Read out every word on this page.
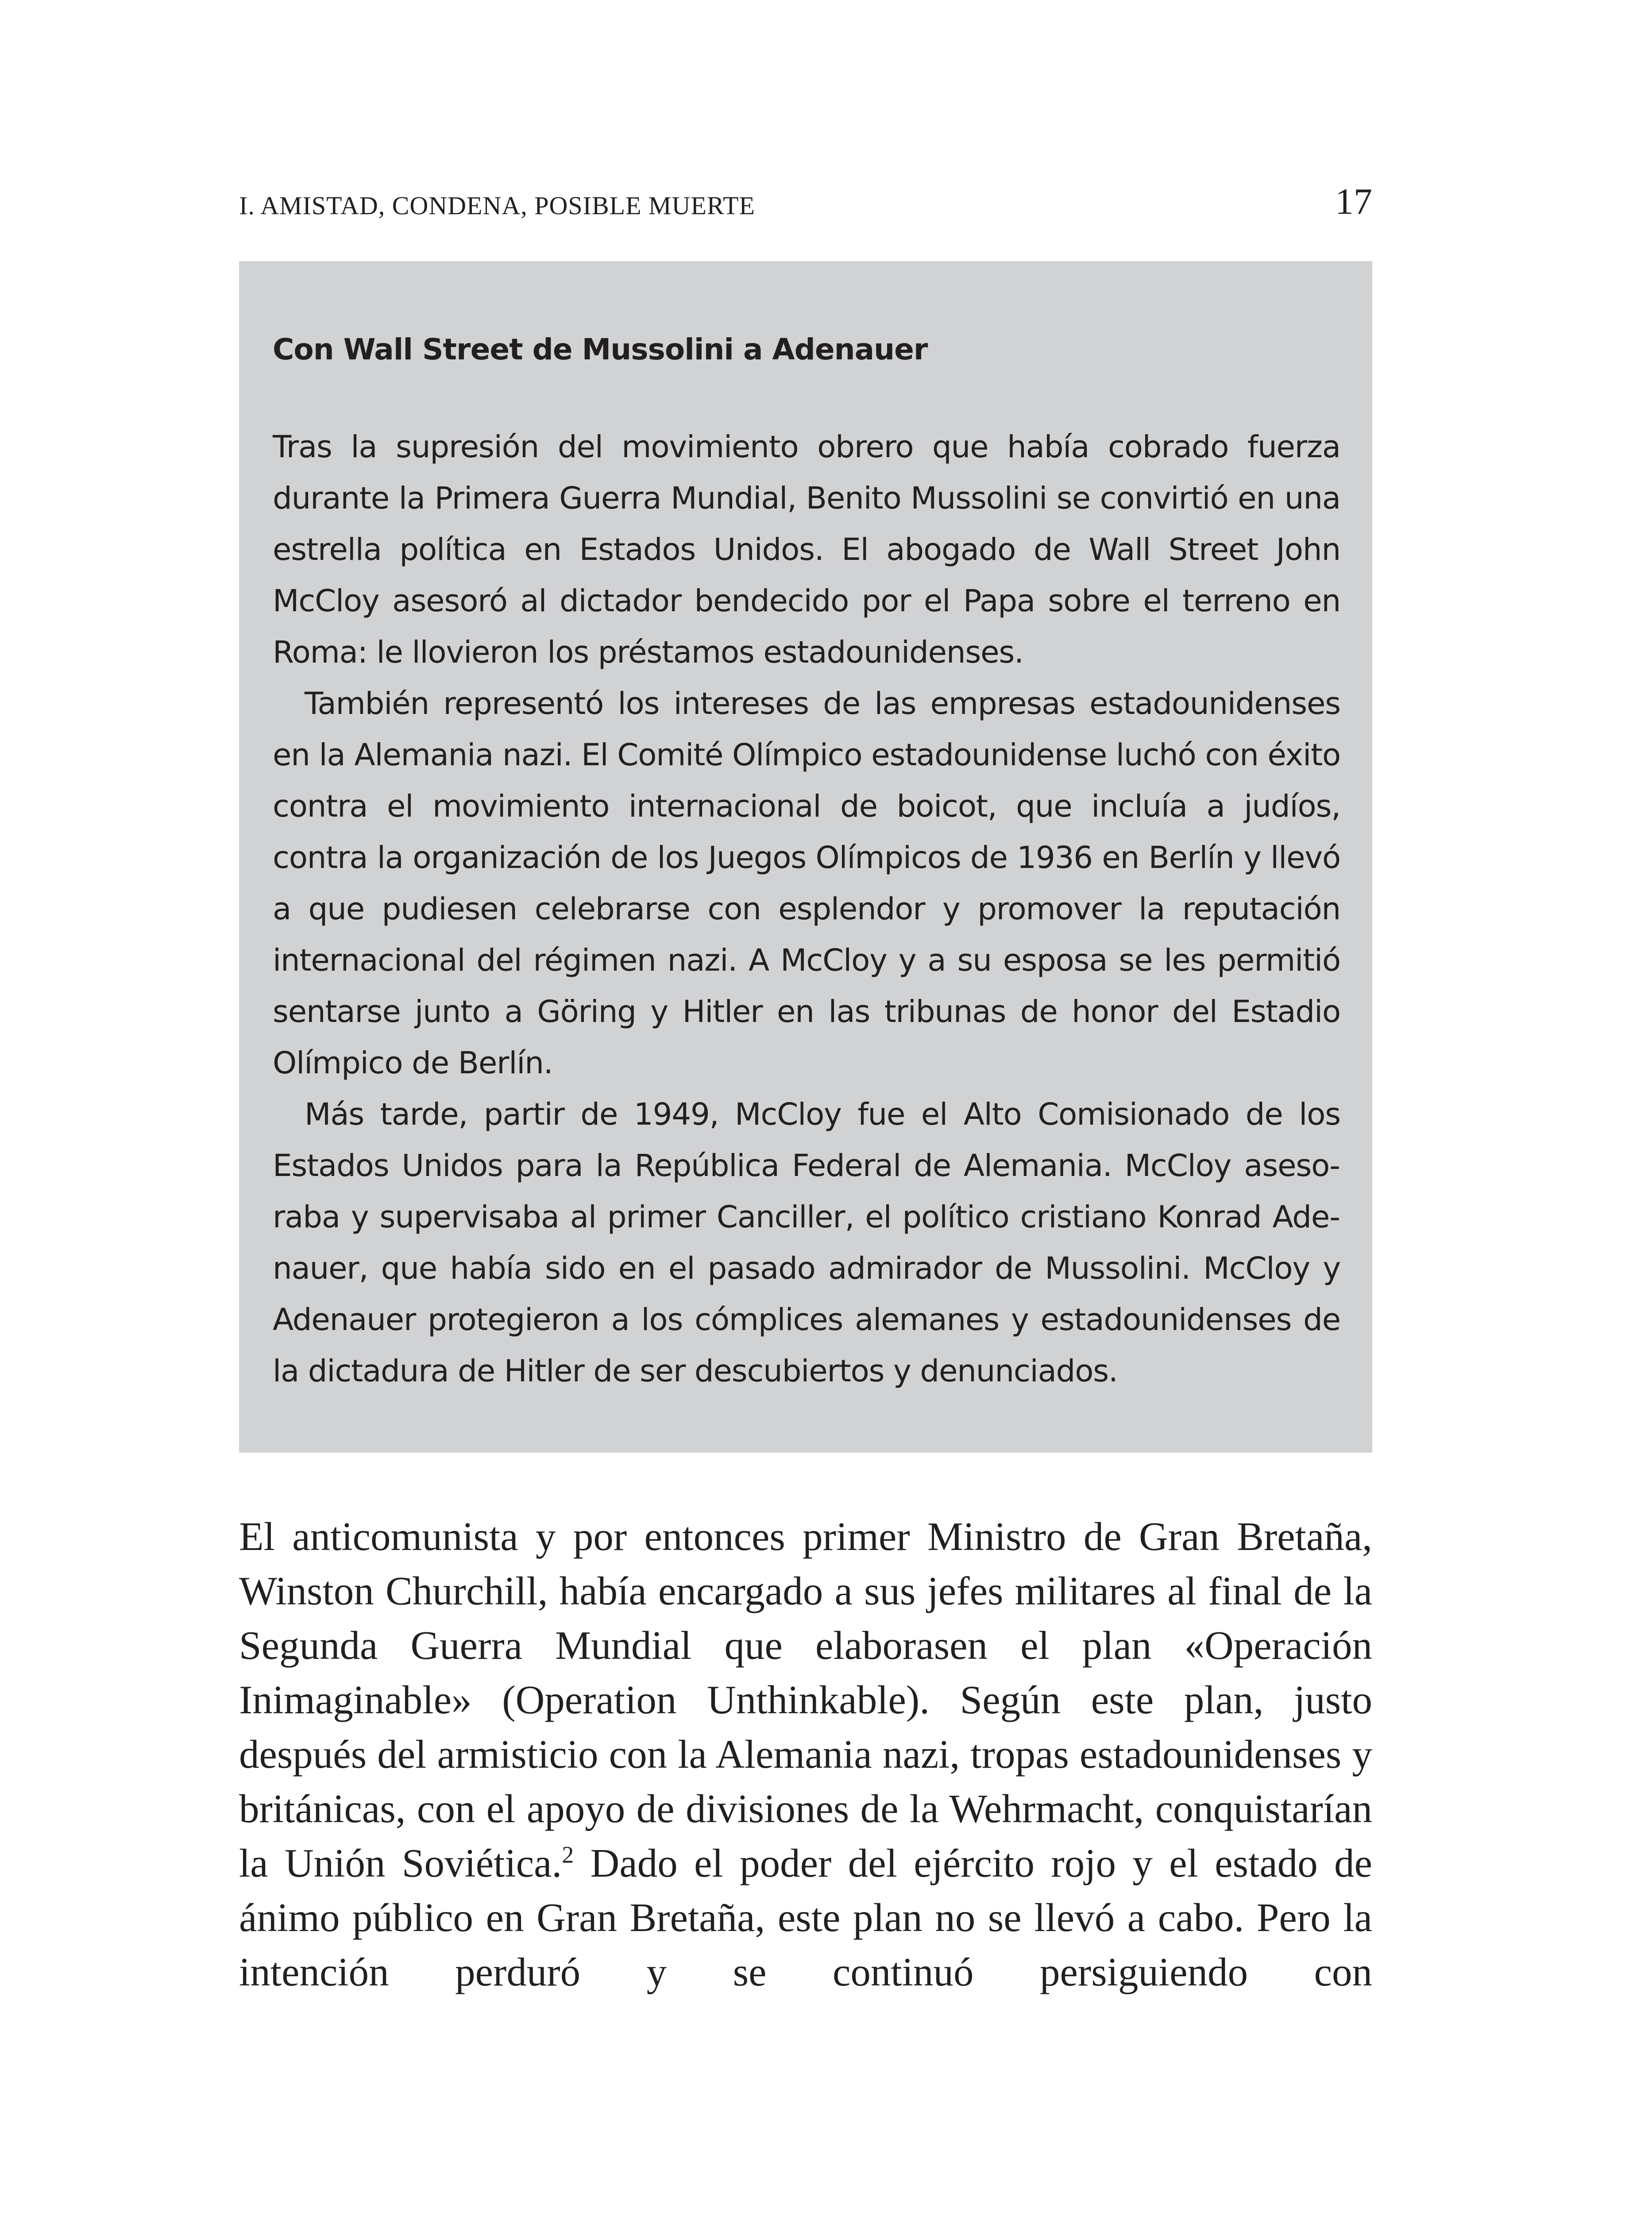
I. AMISTAD, CONDENA, POSIBLE MUERTE	17
Con Wall Street de Mussolini a Adenauer

Tras la supresión del movimiento obrero que había cobrado fuerza durante la Primera Guerra Mundial, Benito Mussolini se convirtió en una estrella política en Estados Unidos. El abogado de Wall Street John McCloy asesoró al dictador bendecido por el Papa sobre el terreno en Roma: le llovieron los préstamos estadounidenses.

También representó los intereses de las empresas estadounidenses en la Alemania nazi. El Comité Olímpico estadounidense luchó con éxito contra el movimiento internacional de boicot, que incluía a judíos, contra la organización de los Juegos Olímpicos de 1936 en Berlín y llevó a que pudiesen celebrarse con esplendor y promover la reputación internacional del régimen nazi. A McCloy y a su esposa se les permitió sentarse junto a Göring y Hitler en las tribunas de honor del Estadio Olímpico de Berlín.

Más tarde, partir de 1949, McCloy fue el Alto Comisionado de los Estados Unidos para la República Federal de Alemania. McCloy asesoraba y supervisaba al primer Canciller, el político cristiano Konrad Adenauer, que había sido en el pasado admirador de Mussolini. McCloy y Adenauer protegieron a los cómplices alemanes y estadounidenses de la dictadura de Hitler de ser descubiertos y denunciados.

El anticomunista y por entonces primer Ministro de Gran Bretaña, Winston Churchill, había encargado a sus jefes militares al final de la Segunda Guerra Mundial que elaborasen el plan «Operación Inimaginable» (Operation Unthinkable). Según este plan, justo después del armisticio con la Alemania nazi, tropas estadounidenses y británicas, con el apoyo de divisiones de la Wehrmacht, conquistarían la Unión Soviética.$^2$ Dado el poder del ejército rojo y el estado de ánimo público en Gran Bretaña, este plan no se llevó a cabo. Pero la intención perduró y se continuó persiguiendo con
